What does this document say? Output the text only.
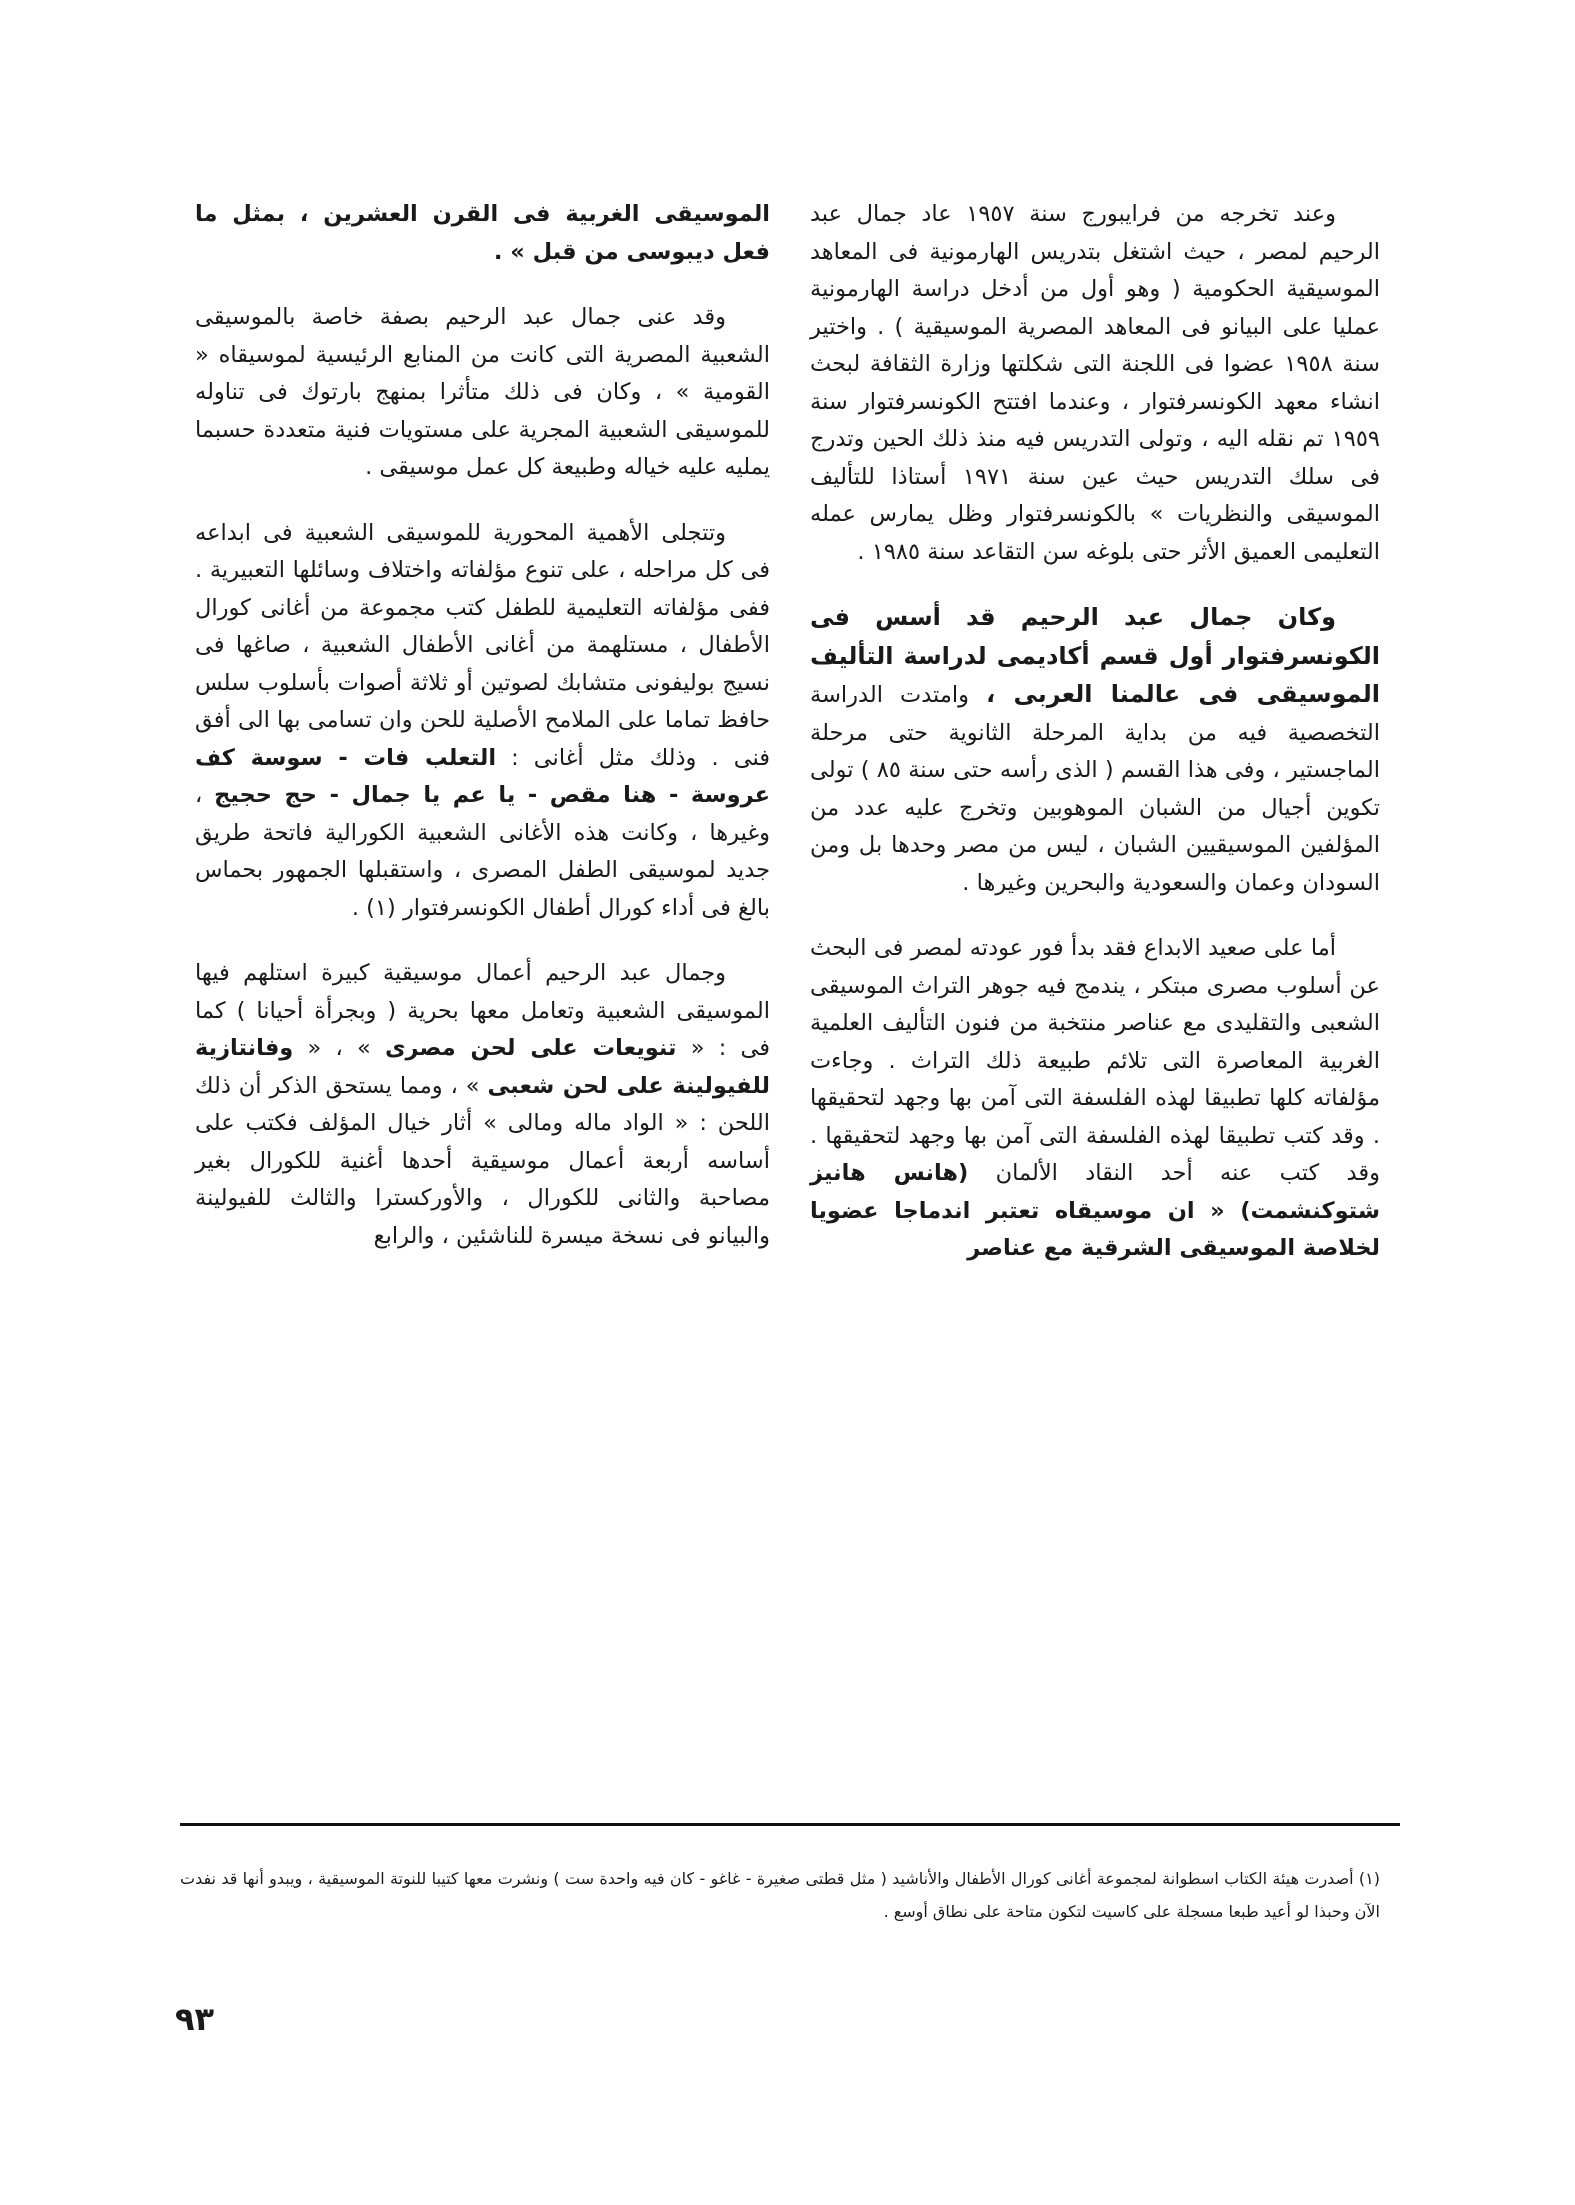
وعند تخرجه من فرايبورج سنة ١٩٥٧ عاد جمال عبد الرحيم لمصر ، حيث اشتغل بتدريس الهارمونية فى المعاهد الموسيقية الحكومية ( وهو أول من أدخل دراسة الهارمونية عمليا على البيانو فى المعاهد المصرية الموسيقية ) . واختير سنة ١٩٥٨ عضوا فى اللجنة التى شكلتها وزارة الثقافة لبحث انشاء معهد الكونسرفتوار ، وعندما افتتح الكونسرفتوار سنة ١٩٥٩ تم نقله اليه ، وتولى التدريس فيه منذ ذلك الحين وتدرج فى سلك التدريس حيث عين سنة ١٩٧١ أستاذا للتأليف الموسيقى والنظريات » بالكونسرفتوار وظل يمارس عمله التعليمى العميق الأثر حتى بلوغه سن التقاعد سنة ١٩٨٥ .

وكان جمال عبد الرحيم قد أسس فى الكونسرفتوار أول قسم أكاديمى لدراسة التأليف الموسيقى فى عالمنا العربى ، وامتدت الدراسة التخصصية فيه من بداية المرحلة الثانوية حتى مرحلة الماجستير ، وفى هذا القسم ( الذى رأسه حتى سنة ٨٥ ) تولى تكوين أجيال من الشبان الموهوبين وتخرج عليه عدد من المؤلفين الموسيقيين الشبان ، ليس من مصر وحدها بل ومن السودان وعمان والسعودية والبحرين وغيرها .

أما على صعيد الابداع فقد بدأ فور عودته لمصر فى البحث عن أسلوب مصرى مبتكر ، يندمج فيه جوهر التراث الموسيقى الشعبى والتقليدى مع عناصر منتخبة من فنون التأليف العلمية الغربية المعاصرة التى تلائم طبيعة ذلك التراث . وجاءت مؤلفاته كلها تطبيقا لهذه الفلسفة التى آمن بها وجهد لتحقيقها . وقد كتب تطبيقا لهذه الفلسفة التى آمن بها وجهد لتحقيقها . وقد كتب عنه أحد النقاد الألمان (هانس هانيز شتوكنشمت) « ان موسيقاه تعتبر اندماجا عضويا لخلاصة الموسيقى الشرقية مع عناصر

الموسيقى الغربية فى القرن العشرين ، بمثل ما فعل ديبوسى من قبل » .

وقد عنى جمال عبد الرحيم بصفة خاصة بالموسيقى الشعبية المصرية التى كانت من المنابع الرئيسية لموسيقاه « القومية » ، وكان فى ذلك متأثرا بمنهج بارتوك فى تناوله للموسيقى الشعبية المجرية على مستويات فنية متعددة حسبما يمليه عليه خياله وطبيعة كل عمل موسيقى .

وتتجلى الأهمية المحورية للموسيقى الشعبية فى ابداعه فى كل مراحله ، على تنوع مؤلفاته واختلاف وسائلها التعبيرية . ففى مؤلفاته التعليمية للطفل كتب مجموعة من أغانى كورال الأطفال ، مستلهمة من أغانى الأطفال الشعبية ، صاغها فى نسيج بوليفونى متشابك لصوتين أو ثلاثة أصوات بأسلوب سلس حافظ تماما على الملامح الأصلية للحن وان تسامى بها الى أفق فنى . وذلك مثل أغانى : التعلب فات - سوسة كف عروسة - هنا مقص - يا عم يا جمال - حج حجيج ، وغيرها ، وكانت هذه الأغانى الشعبية الكورالية فاتحة طريق جديد لموسيقى الطفل المصرى ، واستقبلها الجمهور بحماس بالغ فى أداء كورال أطفال الكونسرفتوار (١) .

وجمال عبد الرحيم أعمال موسيقية كبيرة استلهم فيها الموسيقى الشعبية وتعامل معها بحرية ( وبجرأة أحيانا ) كما فى : « تنويعات على لحن مصرى » ، « وفانتازية للفيولينة على لحن شعبى » ، ومما يستحق الذكر أن ذلك اللحن : « الواد ماله ومالى » أثار خيال المؤلف فكتب على أساسه أربعة أعمال موسيقية أحدها أغنية للكورال بغير مصاحبة والثانى للكورال ، والأوركسترا والثالث للفيولينة والبيانو فى نسخة ميسرة للناشئين ، والرابع

(١) أصدرت هيئة الكتاب اسطوانة لمجموعة أغانى كورال الأطفال والأناشيد ( مثل قطتى صغيرة - غاغو - كان فيه واحدة ست ) ونشرت معها كتيبا للنوتة الموسيقية ، ويبدو أنها قد نفدت الآن وحبذا لو أعيد طبعا مسجلة على كاسيت لتكون متاحة على نطاق أوسع .
٩٣
